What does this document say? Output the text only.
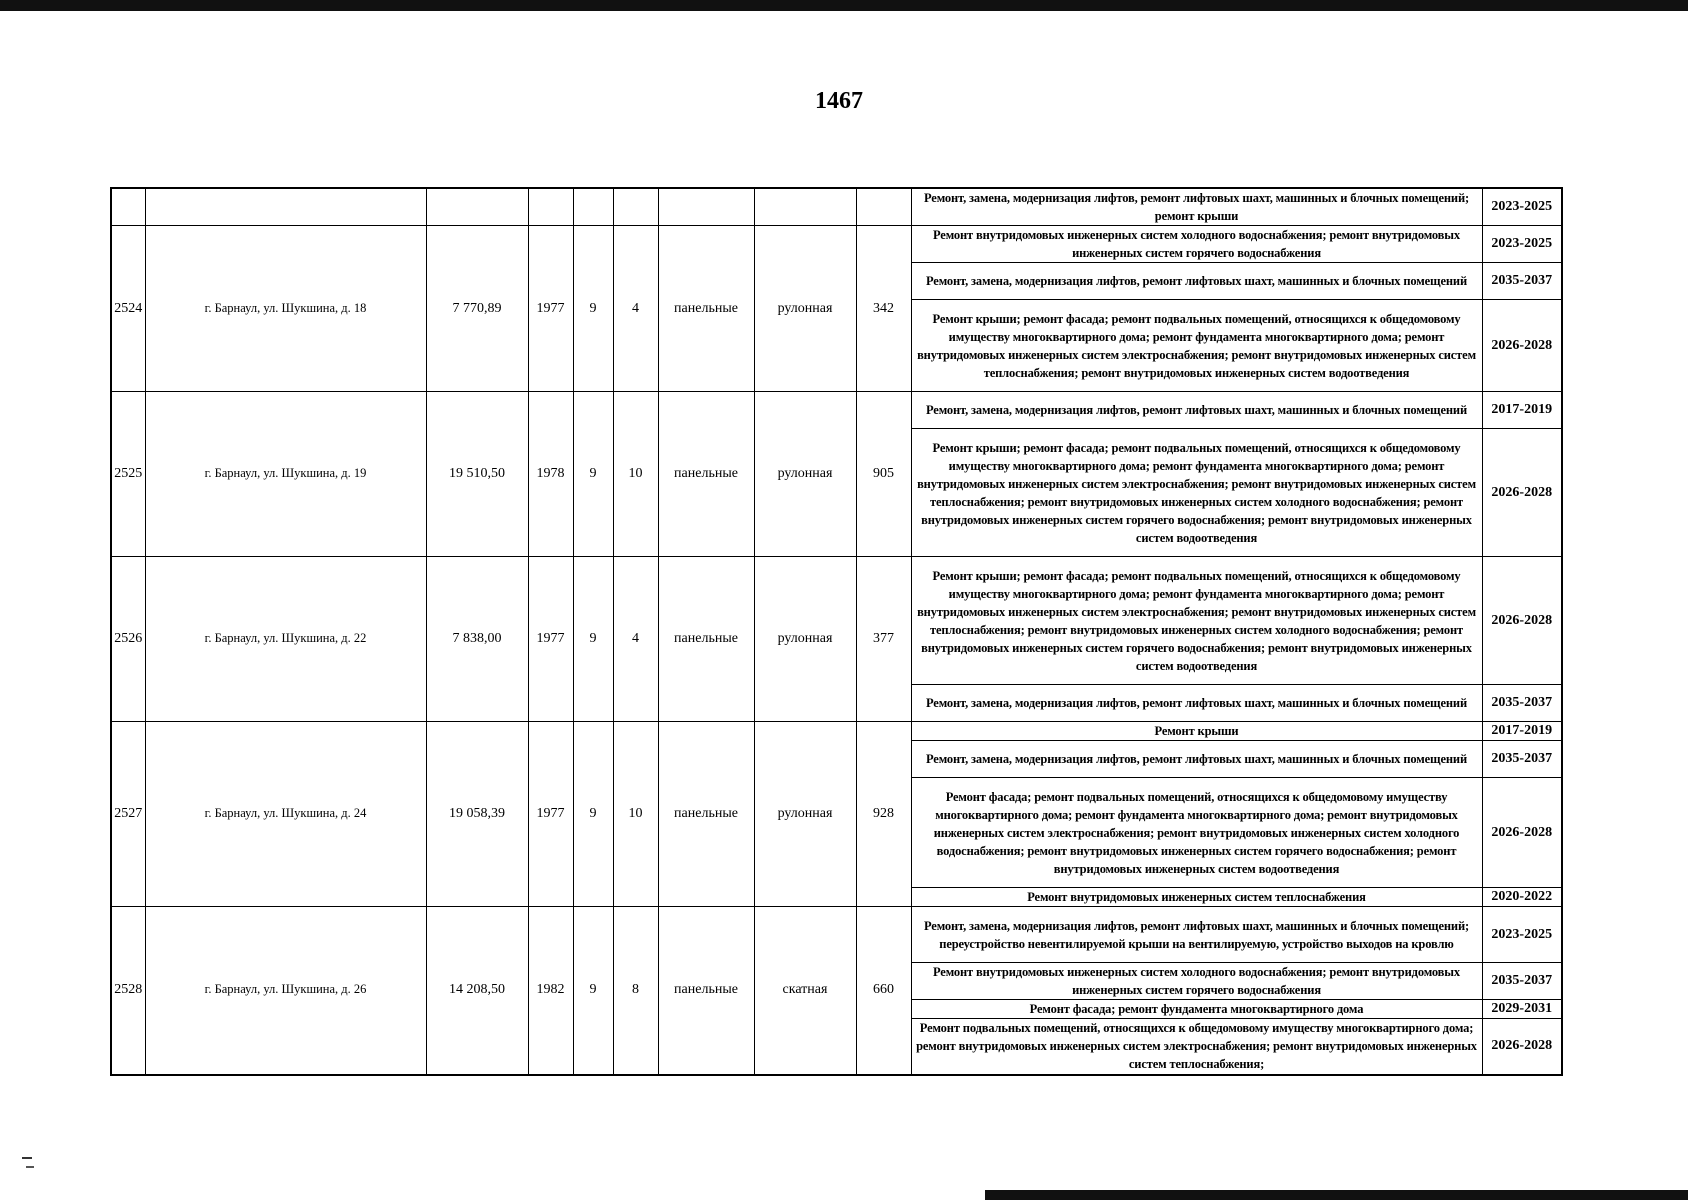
1467
									Ремонт, замена, модернизация лифтов, ремонт лифтовых шахт, машинных и блочных помещений; ремонт крыши	2023-2025
2524	г. Барнаул, ул. Шукшина, д. 18	7 770,89	1977	9	4	панельные	рулонная	342	Ремонт внутридомовых инженерных систем холодного водоснабжения; ремонт внутридомовых инженерных систем горячего водоснабжения	2023-2025
									Ремонт, замена, модернизация лифтов, ремонт лифтовых шахт, машинных и блочных помещений	2035-2037
									Ремонт крыши; ремонт фасада; ремонт подвальных помещений, относящихся к общедомовому имуществу многоквартирного дома; ремонт фундамента многоквартирного дома; ремонт внутридомовых инженерных систем электроснабжения; ремонт внутридомовых инженерных систем теплоснабжения; ремонт внутридомовых инженерных систем водоотведения	2026-2028
2525	г. Барнаул, ул. Шукшина, д. 19	19 510,50	1978	9	10	панельные	рулонная	905	Ремонт, замена, модернизация лифтов, ремонт лифтовых шахт, машинных и блочных помещений	2017-2019
									Ремонт крыши; ремонт фасада; ремонт подвальных помещений, относящихся к общедомовому имуществу многоквартирного дома; ремонт фундамента многоквартирного дома; ремонт внутридомовых инженерных систем электроснабжения; ремонт внутридомовых инженерных систем теплоснабжения; ремонт внутридомовых инженерных систем холодного водоснабжения; ремонт внутридомовых инженерных систем горячего водоснабжения; ремонт внутридомовых инженерных систем водоотведения	2026-2028
2526	г. Барнаул, ул. Шукшина, д. 22	7 838,00	1977	9	4	панельные	рулонная	377	Ремонт крыши; ремонт фасада; ремонт подвальных помещений, относящихся к общедомовому имуществу многоквартирного дома; ремонт фундамента многоквартирного дома; ремонт внутридомовых инженерных систем электроснабжения; ремонт внутридомовых инженерных систем теплоснабжения; ремонт внутридомовых инженерных систем холодного водоснабжения; ремонт внутридомовых инженерных систем горячего водоснабжения; ремонт внутридомовых инженерных систем водоотведения	2026-2028
									Ремонт, замена, модернизация лифтов, ремонт лифтовых шахт, машинных и блочных помещений	2035-2037
2527	г. Барнаул, ул. Шукшина, д. 24	19 058,39	1977	9	10	панельные	рулонная	928	Ремонт крыши	2017-2019
									Ремонт, замена, модернизация лифтов, ремонт лифтовых шахт, машинных и блочных помещений	2035-2037
									Ремонт фасада; ремонт подвальных помещений, относящихся к общедомовому имуществу многоквартирного дома; ремонт фундамента многоквартирного дома; ремонт внутридомовых инженерных систем электроснабжения; ремонт внутридомовых инженерных систем холодного водоснабжения; ремонт внутридомовых инженерных систем горячего водоснабжения; ремонт внутридомовых инженерных систем водоотведения	2026-2028
									Ремонт внутридомовых инженерных систем теплоснабжения	2020-2022
2528	г. Барнаул, ул. Шукшина, д. 26	14 208,50	1982	9	8	панельные	скатная	660	Ремонт, замена, модернизация лифтов, ремонт лифтовых шахт, машинных и блочных помещений; переустройство невентилируемой крыши на вентилируемую, устройство выходов на кровлю	2023-2025
									Ремонт внутридомовых инженерных систем холодного водоснабжения; ремонт внутридомовых инженерных систем горячего водоснабжения	2035-2037
									Ремонт фасада; ремонт фундамента многоквартирного дома	2029-2031
									Ремонт подвальных помещений, относящихся к общедомовому имуществу многоквартирного дома; ремонт внутридомовых инженерных систем электроснабжения; ремонт внутридомовых инженерных систем теплоснабжения;	2026-2028
